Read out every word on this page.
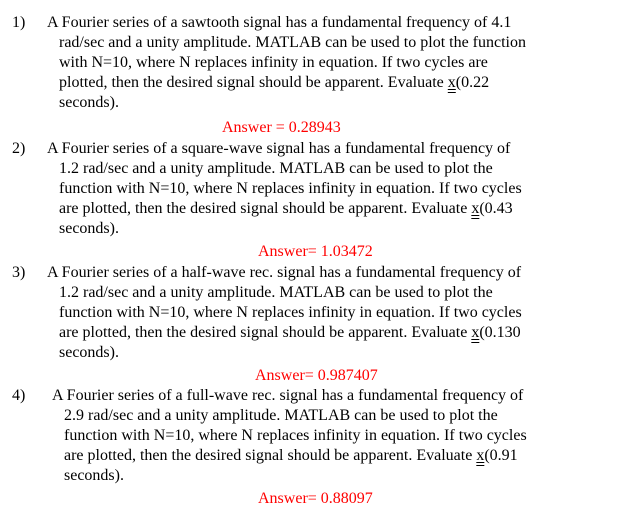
1) A Fourier series of a sawtooth signal has a fundamental frequency of 4.1
rad/sec and a unity amplitude. MATLAB can be used to plot the function
with N=10, where N replaces infinity in equation. If two cycles are
plotted, then the desired signal should be apparent. Evaluate x(0.22
seconds).
Answer = 0.28943
2) A Fourier series of a square-wave signal has a fundamental frequency of
1.2 rad/sec and a unity amplitude. MATLAB can be used to plot the
function with N=10, where N replaces infinity in equation. If two cycles
are plotted, then the desired signal should be apparent. Evaluate x(0.43
seconds).
Answer= 1.03472
3) A Fourier series of a half-wave rec. signal has a fundamental frequency of
1.2 rad/sec and a unity amplitude. MATLAB can be used to plot the
function with N=10, where N replaces infinity in equation. If two cycles
are plotted, then the desired signal should be apparent. Evaluate x(0.130
seconds).
Answer= 0.987407
4) A Fourier series of a full-wave rec. signal has a fundamental frequency of
2.9 rad/sec and a unity amplitude. MATLAB can be used to plot the
function with N=10, where N replaces infinity in equation. If two cycles
are plotted, then the desired signal should be apparent. Evaluate x(0.91
seconds).
Answer= 0.88097
